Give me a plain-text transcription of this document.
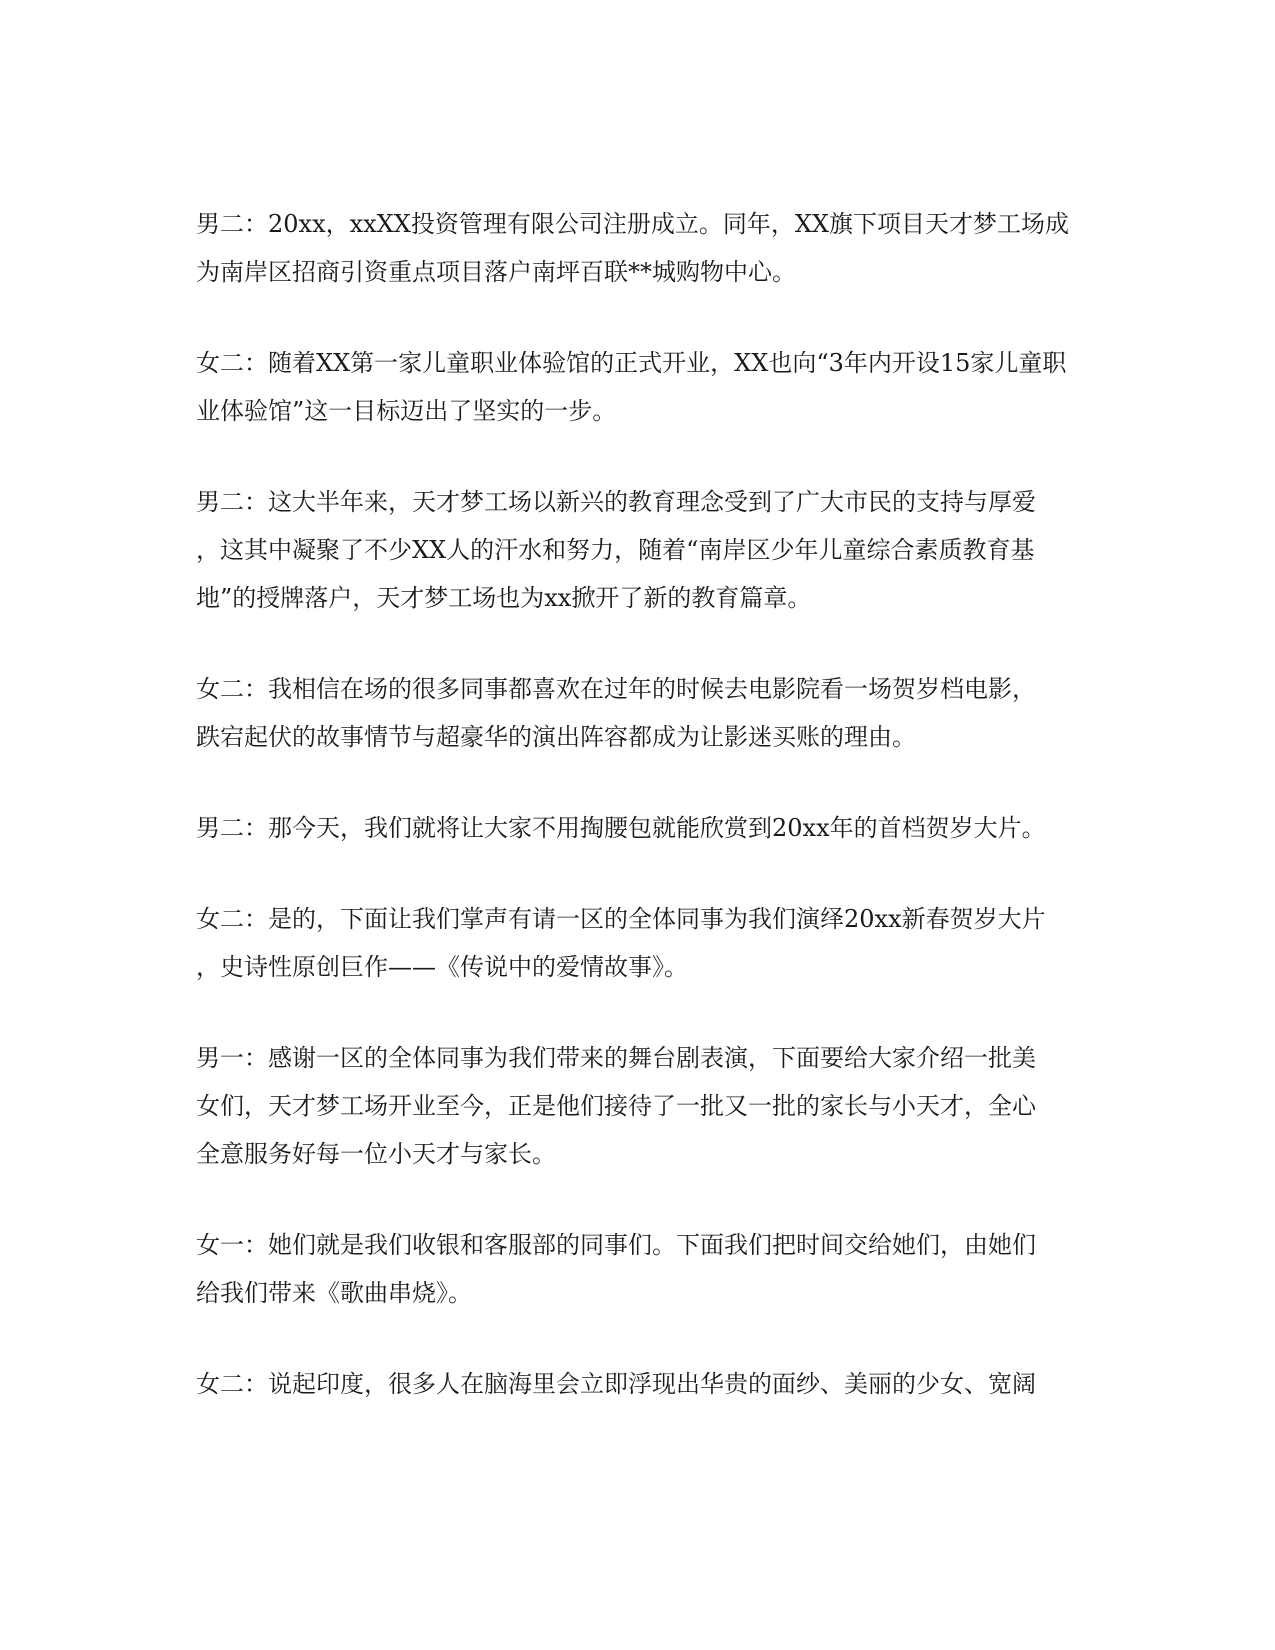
男二：20xx，xxXX投资管理有限公司注册成立。同年，XX旗下项目天才梦工场成
为南岸区招商引资重点项目落户南坪百联**城购物中心。

女二：随着XX第一家儿童职业体验馆的正式开业，XX也向“3年内开设15家儿童职
业体验馆”这一目标迈出了坚实的一步。

男二：这大半年来，天才梦工场以新兴的教育理念受到了广大市民的支持与厚爱
，这其中凝聚了不少XX人的汗水和努力，随着“南岸区少年儿童综合素质教育基
地”的授牌落户，天才梦工场也为xx掀开了新的教育篇章。

女二：我相信在场的很多同事都喜欢在过年的时候去电影院看一场贺岁档电影，
跌宕起伏的故事情节与超豪华的演出阵容都成为让影迷买账的理由。

男二：那今天，我们就将让大家不用掏腰包就能欣赏到20xx年的首档贺岁大片。

女二：是的，下面让我们掌声有请一区的全体同事为我们演绎20xx新春贺岁大片
，史诗性原创巨作——《传说中的爱情故事》。

男一：感谢一区的全体同事为我们带来的舞台剧表演，下面要给大家介绍一批美
女们，天才梦工场开业至今，正是他们接待了一批又一批的家长与小天才，全心
全意服务好每一位小天才与家长。

女一：她们就是我们收银和客服部的同事们。下面我们把时间交给她们，由她们
给我们带来《歌曲串烧》。

女二：说起印度，很多人在脑海里会立即浮现出华贵的面纱、美丽的少女、宽阔
